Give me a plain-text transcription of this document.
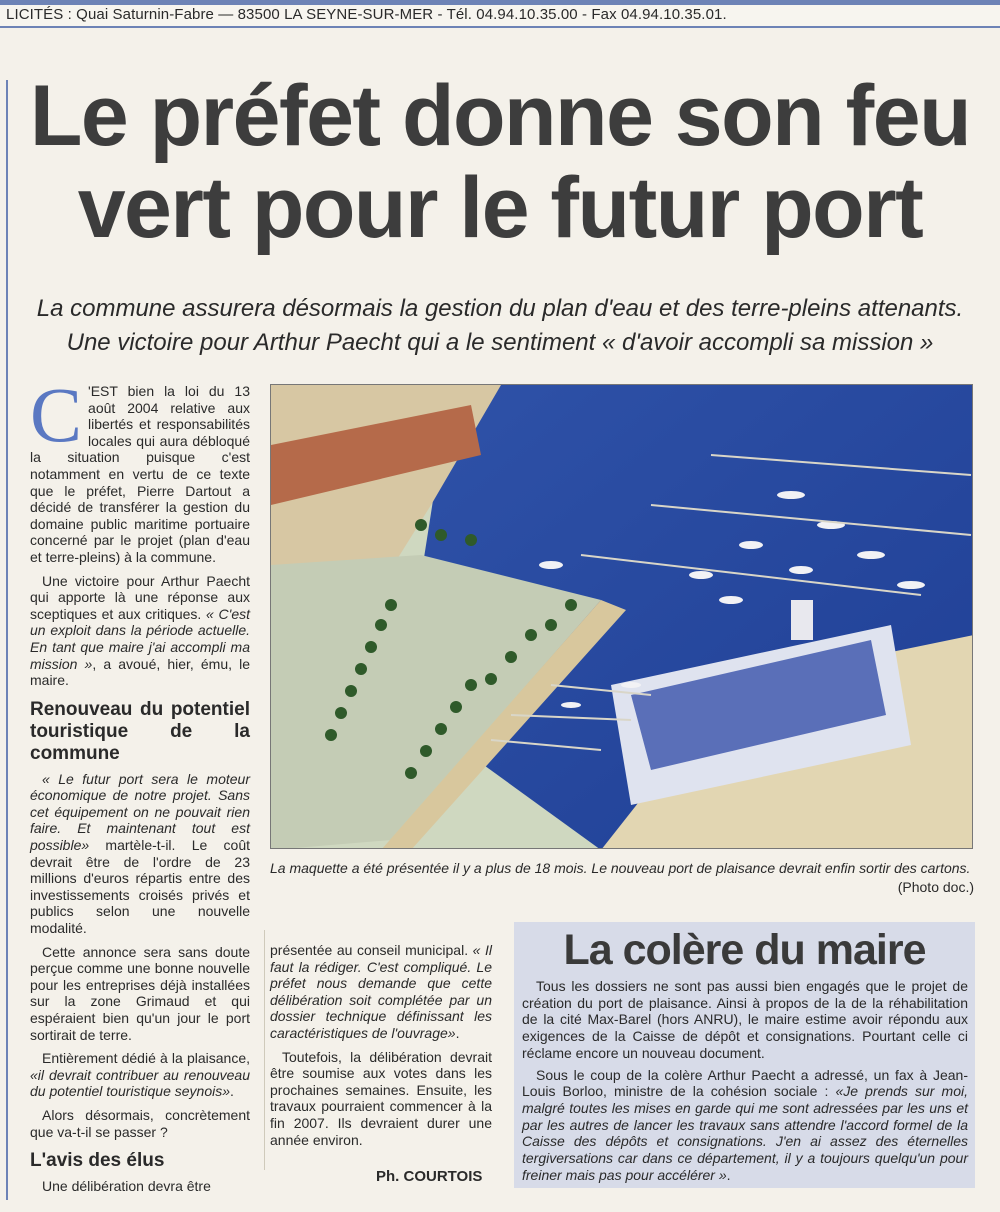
LICITÉS : Quai Saturnin-Fabre — 83500 LA SEYNE-SUR-MER - Tél. 04.94.10.35.00 - Fax 04.94.10.35.01.
Le préfet donne son feu
vert pour le futur port
La commune assurera désormais la gestion du plan d'eau et des terre-pleins attenants.
Une victoire pour Arthur Paecht qui a le sentiment « d'avoir accompli sa mission »

C 'EST bien la loi du 13 août 2004 relative aux libertés et responsabilités locales qui aura débloqué la situation puisque c'est notamment en vertu de ce texte que le préfet, Pierre Dartout a décidé de transférer la gestion du domaine public maritime portuaire concerné par le projet (plan d'eau et terre-pleins) à la commune.

Une victoire pour Arthur Paecht qui apporte là une réponse aux sceptiques et aux critiques. « C'est un exploit dans la période actuelle. En tant que maire j'ai accompli ma mission », a avoué, hier, ému, le maire.

Renouveau du potentiel touristique de la commune

« Le futur port sera le moteur économique de notre projet. Sans cet équipement on ne pouvait rien faire. Et maintenant tout est possible» martèle-t-il. Le coût devrait être de l'ordre de 23 millions d'euros répartis entre des investissements croisés privés et publics selon une nouvelle modalité.

Cette annonce sera sans doute perçue comme une bonne nouvelle pour les entreprises déjà installées sur la zone Grimaud et qui espéraient bien qu'un jour le port sortirait de terre.

Entièrement dédié à la plaisance, «il devrait contribuer au renouveau du potentiel touristique seynois».

Alors désormais, concrètement que va-t-il se passer ?

L'avis des élus

Une délibération devra être

présentée au conseil municipal. « Il faut la rédiger. C'est compliqué. Le préfet nous demande que cette délibération soit complétée par un dossier technique définissant les caractéristiques de l'ouvrage».

Toutefois, la délibération devrait être soumise aux votes dans les prochaines semaines. Ensuite, les travaux pourraient commencer à la fin 2007. Ils devraient durer une année environ.

Ph. COURTOIS
La maquette a été présentée il y a plus de 18 mois. Le nouveau port de plaisance devrait enfin sortir des cartons.
(Photo doc.)
La colère du maire

Tous les dossiers ne sont pas aussi bien engagés que le projet de création du port de plaisance. Ainsi à propos de la de la réhabilitation de la cité Max-Barel (hors ANRU), le maire estime avoir répondu aux exigences de la Caisse de dépôt et consignations. Pourtant celle ci réclame encore un nouveau document.

Sous le coup de la colère Arthur Paecht a adressé, un fax à Jean-Louis Borloo, ministre de la cohésion sociale : «Je prends sur moi, malgré toutes les mises en garde qui me sont adressées par les uns et par les autres de lancer les travaux sans attendre l'accord formel de la Caisse des dépôts et consignations. J'en ai assez des éternelles tergiversations car dans ce département, il y a toujours quelqu'un pour freiner mais pas pour accélérer ».
